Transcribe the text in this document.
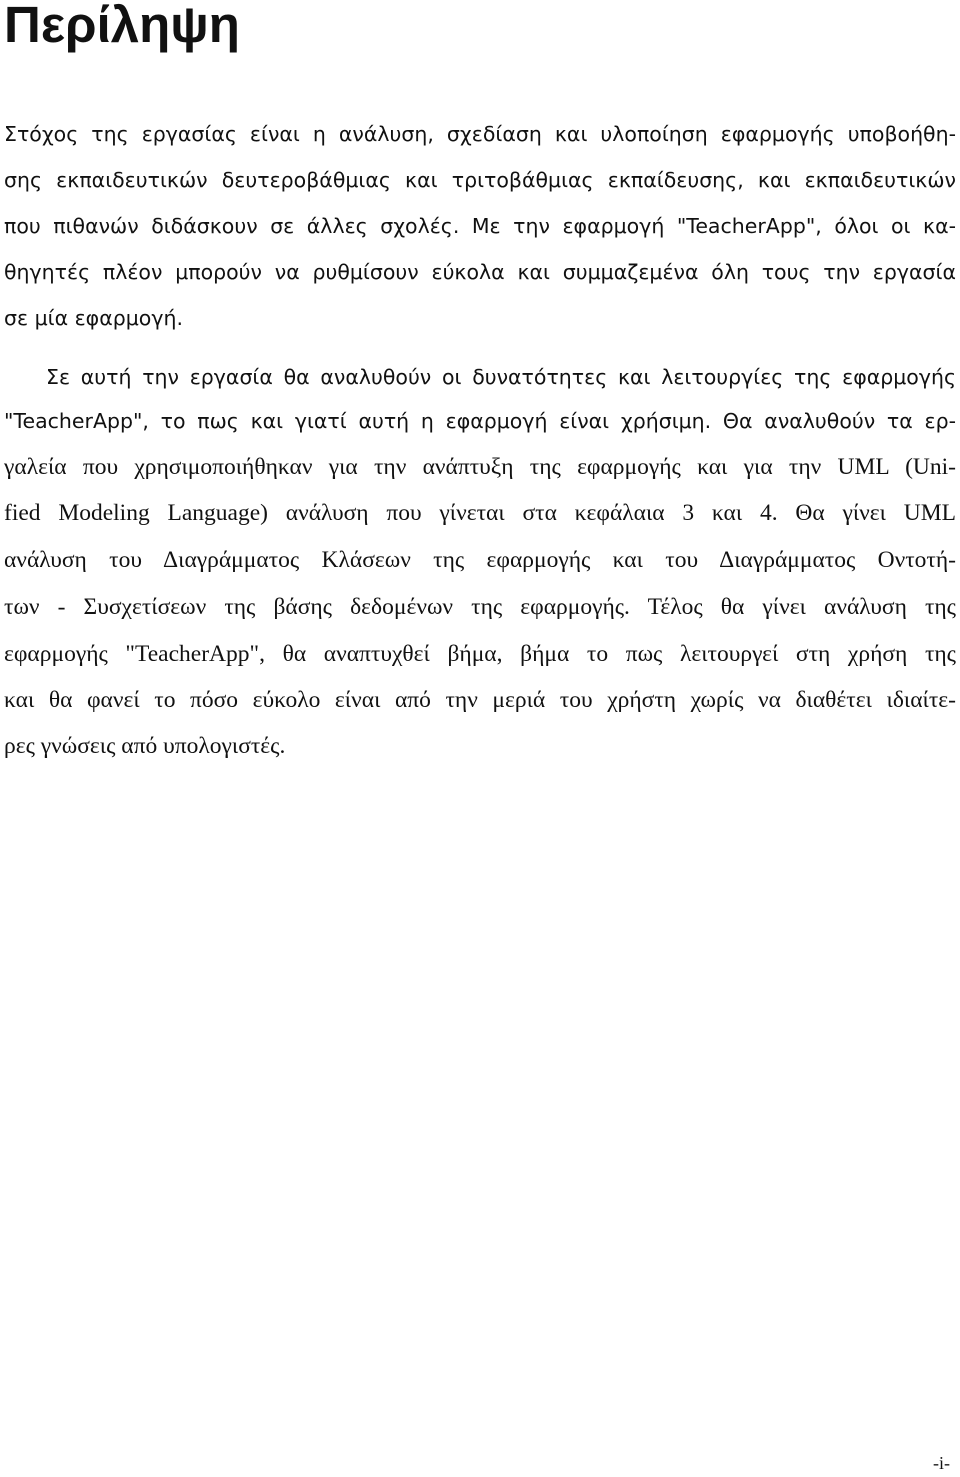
Περίληψη
Στόχος της εργασίας είναι η ανάλυση, σχεδίαση και υλοποίηση εφαρμογής υποβοήθη-
σης εκπαιδευτικών δευτεροβάθμιας και τριτοβάθμιας εκπαίδευσης, και εκπαιδευτικών
που πιθανών διδάσκουν σε άλλες σχολές. Με την εφαρμογή "TeacherApp", όλοι οι κα-
θηγητές πλέον μπορούν να ρυθμίσουν εύκολα και συμμαζεμένα όλη τους την εργασία
σε μία εφαρμογή.
Σε αυτή την εργασία θα αναλυθούν οι δυνατότητες και λειτουργίες της εφαρμογής
"TeacherApp", το πως και γιατί αυτή η εφαρμογή είναι χρήσιμη. Θα αναλυθούν τα ερ-
γαλεία που χρησιμοποιήθηκαν για την ανάπτυξη της εφαρμογής και για την UML (Uni-
fied Modeling Language) ανάλυση που γίνεται στα κεφάλαια 3 και 4. Θα γίνει UML
ανάλυση του Διαγράμματος Κλάσεων της εφαρμογής και του Διαγράμματος Οντοτή-
των - Συσχετίσεων της βάσης δεδομένων της εφαρμογής. Τέλος θα γίνει ανάλυση της
εφαρμογής "TeacherApp", θα αναπτυχθεί βήμα, βήμα το πως λειτουργεί στη χρήση της
και θα φανεί το πόσο εύκολο είναι από την μεριά του χρήστη χωρίς να διαθέτει ιδιαίτε-
ρες γνώσεις από υπολογιστές.
-i-
